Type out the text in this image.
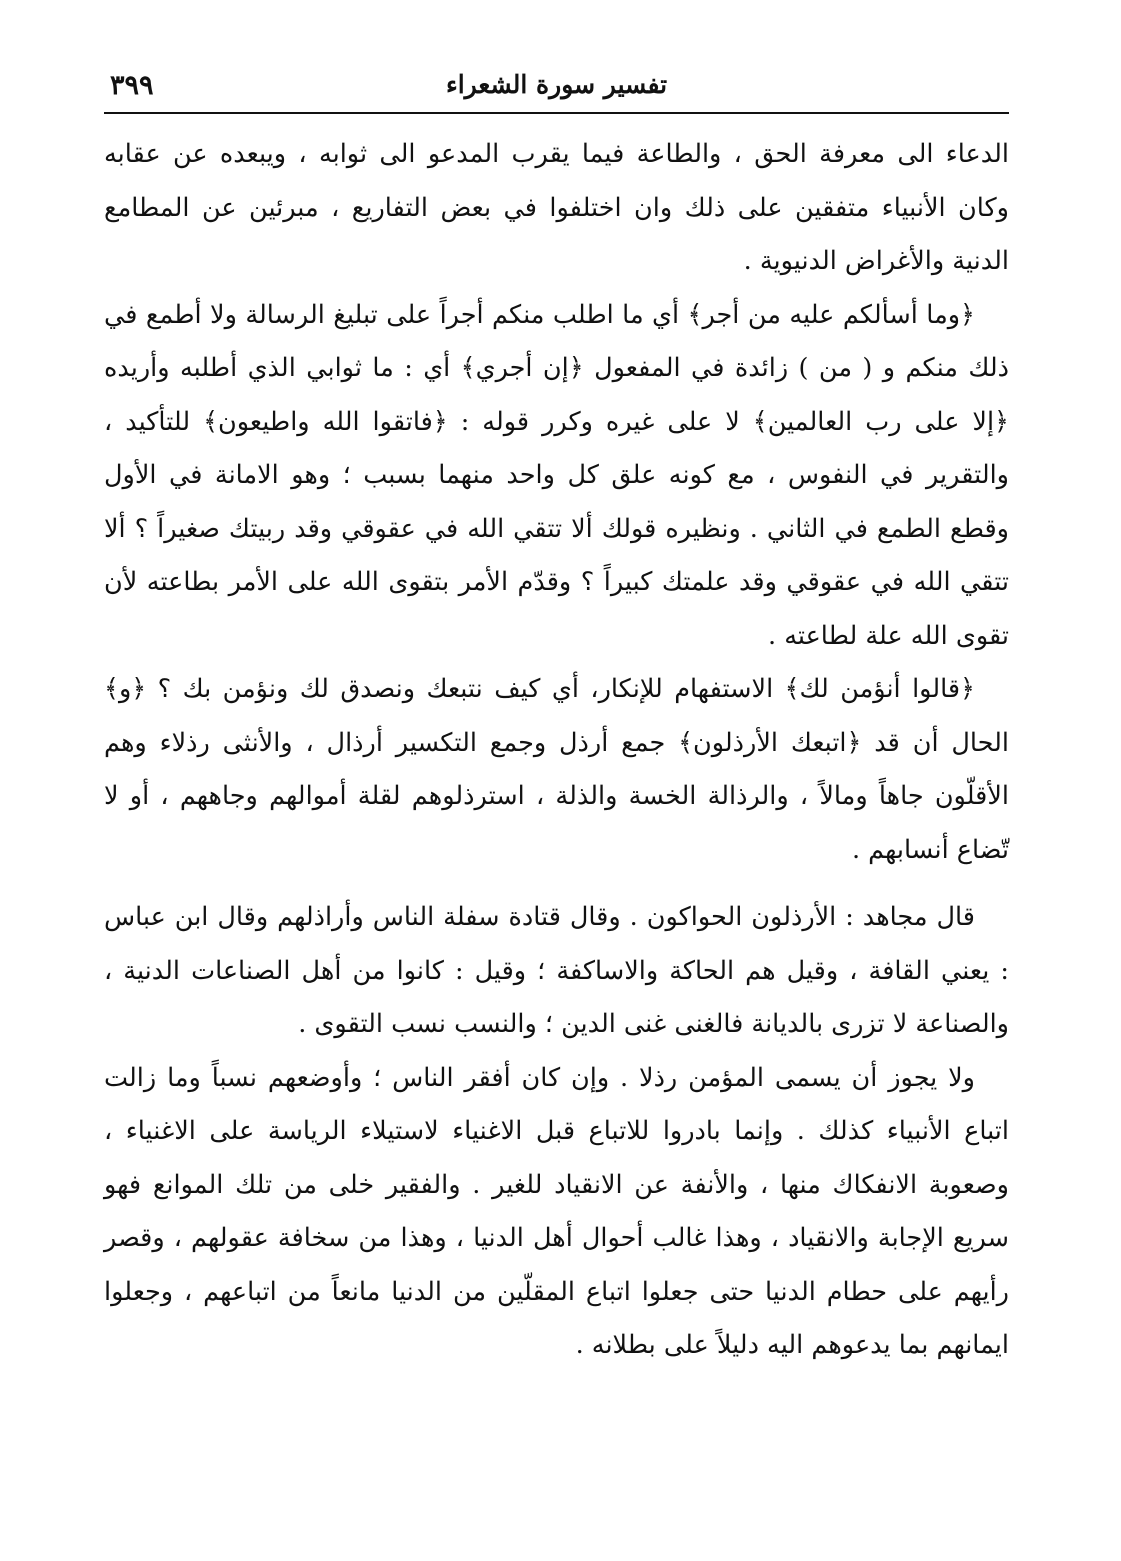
تفسير سورة الشعراء
٣٩٩

الدعاء الى معرفة الحق ، والطاعة فيما يقرب المدعو الى ثوابه ، ويبعده عن عقابه وكان الأنبياء متفقين على ذلك وان اختلفوا في بعض التفاريع ، مبرئين عن المطامع الدنية والأغراض الدنيوية .

﴿وما أسألكم عليه من أجر﴾ أي ما اطلب منكم أجراً على تبليغ الرسالة ولا أطمع في ذلك منكم و ( من ) زائدة في المفعول ﴿إن أجري﴾ أي : ما ثوابي الذي أطلبه وأريده ﴿إلا على رب العالمين﴾ لا على غيره وكرر قوله : ﴿فاتقوا الله واطيعون﴾ للتأكيد ، والتقرير في النفوس ، مع كونه علق كل واحد منهما بسبب ؛ وهو الامانة في الأول وقطع الطمع في الثاني . ونظيره قولك ألا تتقي الله في عقوقي وقد ربيتك صغيراً ؟ ألا تتقي الله في عقوقي وقد علمتك كبيراً ؟ وقدّم الأمر بتقوى الله على الأمر بطاعته لأن تقوى الله علة لطاعته .

﴿قالوا أنؤمن لك﴾ الاستفهام للإنكار، أي كيف نتبعك ونصدق لك ونؤمن بك ؟ ﴿و﴾ الحال أن قد ﴿اتبعك الأرذلون﴾ جمع أرذل وجمع التكسير أرذال ، والأنثى رذلاء وهم الأقلّون جاهاً ومالاً ، والرذالة الخسة والذلة ، استرذلوهم لقلة أموالهم وجاههم ، أو لا تّضاع أنسابهم .

قال مجاهد : الأرذلون الحواكون . وقال قتادة سفلة الناس وأراذلهم وقال ابن عباس : يعني القافة ، وقيل هم الحاكة والاساكفة ؛ وقيل : كانوا من أهل الصناعات الدنية ، والصناعة لا تزرى بالديانة فالغنى غنى الدين ؛ والنسب نسب التقوى .

ولا يجوز أن يسمى المؤمن رذلا . وإن كان أفقر الناس ؛ وأوضعهم نسباً وما زالت اتباع الأنبياء كذلك . وإنما بادروا للاتباع قبل الاغنياء لاستيلاء الرياسة على الاغنياء ، وصعوبة الانفكاك منها ، والأنفة عن الانقياد للغير . والفقير خلى من تلك الموانع فهو سريع الإجابة والانقياد ، وهذا غالب أحوال أهل الدنيا ، وهذا من سخافة عقولهم ، وقصر رأيهم على حطام الدنيا حتى جعلوا اتباع المقلّين من الدنيا مانعاً من اتباعهم ، وجعلوا ايمانهم بما يدعوهم اليه دليلاً على بطلانه .
